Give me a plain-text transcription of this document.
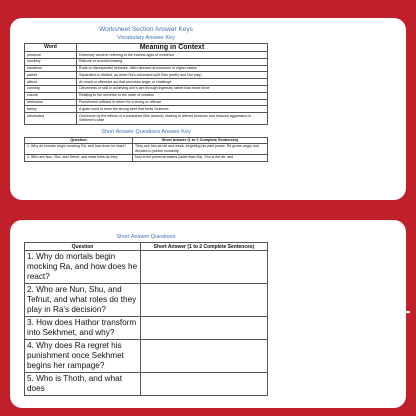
Worksheet Section Answer Keys
Vocabulary Answer Key
Word	Meaning in Context
primeval	Extremely ancient; referring to the earliest ages of existence
mockery	Ridicule or scornful teasing
insolence	Rude or disrespectful behavior, often directed at someone of higher status
parted	Separated or divided, as when Ra's command split Geb (earth) and Nut (sky)
affront	An insult or offensive act that provokes anger or challenge
cunning	Cleverness or skill in achieving one's aim through ingenuity rather than brute force
cosmic	Relating to the universe or the order of creation
retribution	Punishment inflicted in return for a wrong or offense
barley	A grain used to brew the strong beer that tricks Sekhmet
intoxicated	Overcome by the effects of a substance (like alcohol), leading to altered behavior and reduced aggression in Sekhmet's case
Short Answer Questions Answer Key
Question	Short Answer (1 to 2 Complete Sentences)
1. Why do mortals begin mocking Ra, and how does he react?	They see him as old and weak, forgetting his past power; Ra grows angry and decides to punish humanity.
2. Who are Nun, Shu, and Tefnut, and what roles do they	Nun is the primeval waters (older than Ra), Shu is the air, and
ANSWER
KEYS
Short Answer Questions
Question	Short Answer (1 to 2 Complete Sentences)
1. Why do mortals begin mocking Ra, and how does he react?	
2. Who are Nun, Shu, and Tefnut, and what roles do they play in Ra's decision?	
3. How does Hathor transform into Sekhmet, and why?	
4. Why does Ra regret his punishment once Sekhmet begins her rampage?	
5. Who is Thoth, and what does	
STUDENT
WORKSHEET
VERSION
